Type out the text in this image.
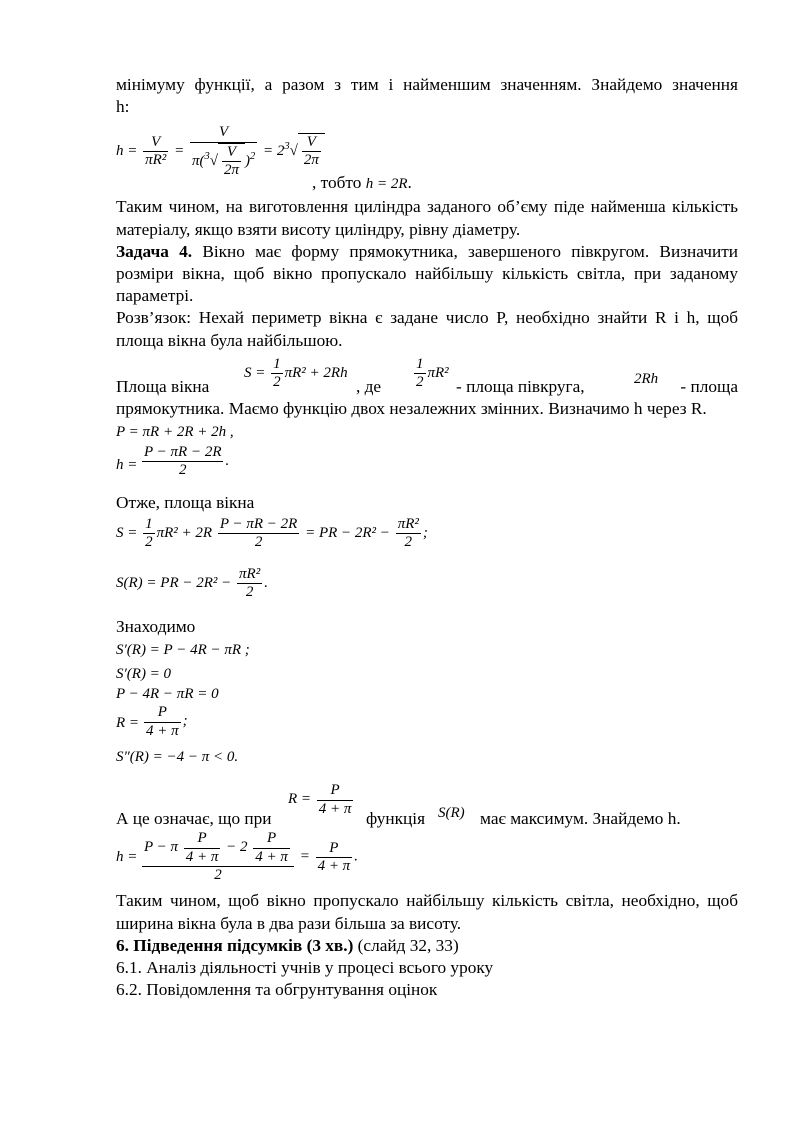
мінімуму функції, а разом з тим і найменшим значенням. Знайдемо значення

h:

$h = \frac{V}{\text{πR²}} = \frac{V}{\pi(^3√ \frac{V}{2\pi} )^2} = 2^3√ \frac{V}{2\pi}$
, тобто h = 2R.

Таким чином, на виготовлення циліндра заданого об’єму піде найменша кількість матеріалу, якщо взяти висоту циліндру, рівну діаметру.

Задача 4. Вікно має форму прямокутника, завершеного півкругом. Визначити розміри вікна, щоб вікно пропускало найбільшу кількість світла, при заданому параметрі.

Розв’язок: Нехай периметр вікна є задане число P, необхідно знайти R і h, щоб площа вікна була найбільшою.

Площа вікна
$S = \frac{1}{2} \pi R^2 + 2Rh$
, де $\frac{1}{2} \pi R^2$
- площа півкруга,	2Rh	- площа

прямокутника. Маємо функцію двох незалежних змінних. Визначимо h через R.

P = πR + 2R + 2h ,
$h = \frac{P - \pi R - 2R}{2}$ .

Отже, площа вікна

$S = \frac{1}{2} \pi R^2 + 2R \frac{P - \pi R - 2R}{2}$ = PR − $2R^2 - \frac{\text{πR²}}{2}$ ;
S(R) = PR − $2R^2 - \frac{\text{πR²}}{2}$ .

Знаходимо

S′(R) = P − 4R − πR ;
S′(R) = 0
P − 4R − πR = 0
$R = \frac{P}{4 + \pi}$ ;
S″(R) = −4 − π < 0.
А це означає, що при
$R = \frac{P}{4 + \pi}$
функція S(R) має максимум. Знайдемо h.
$h = \frac{P - \pi \frac{P}{4 + \pi} - 2 \frac{P}{4 + \pi}}{2} = \frac{P}{4 + \pi}$ .

Таким чином, щоб вікно пропускало найбільшу кількість світла, необхідно, щоб ширина вікна була в два рази більша за висоту.

6. Підведення підсумків (3 хв.) (слайд 32, 33)

6.1. Аналіз діяльності учнів у процесі всього уроку

6.2. Повідомлення та обгрунтування оцінок
